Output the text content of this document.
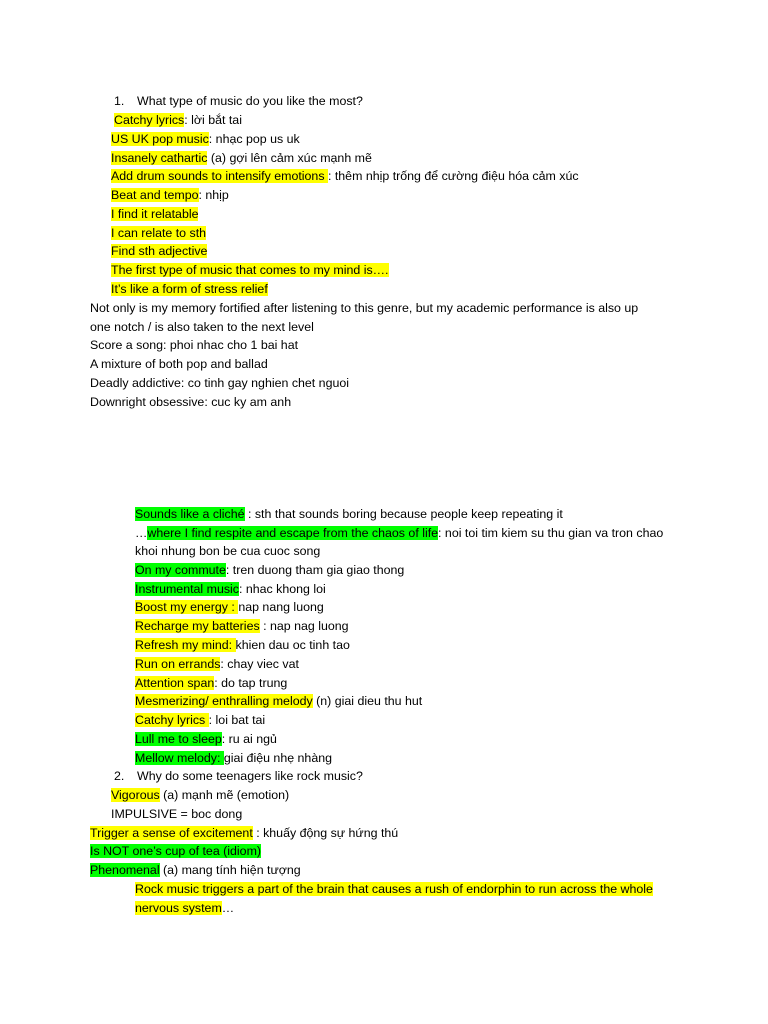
1. What type of music do you like the most?
Catchy lyrics: lời bắt tai
US UK pop music: nhạc pop us uk
Insanely cathartic (a) gợi lên cảm xúc mạnh mẽ
Add drum sounds to intensify emotions : thêm nhịp trống để cường điệu hóa cảm xúc
Beat and tempo: nhịp
I find it relatable
I can relate to sth
Find sth adjective
The first type of music that comes to my mind is….
It’s like a form of stress relief
Not only is my memory fortified after listening to this genre, but my academic performance is also up
one notch / is also taken to the next level
Score a song: phoi nhac cho 1 bai hat
A mixture of both pop and ballad
Deadly addictive: co tinh gay nghien chet nguoi
Downright obsessive: cuc ky am anh
Sounds like a cliché : sth that sounds boring because people keep repeating it
…where I find respite and escape from the chaos of life: noi toi tim kiem su thu gian va tron chao
khoi nhung bon be cua cuoc song
On my commute: tren duong tham gia giao thong
Instrumental music: nhac khong loi
Boost my energy : nap nang luong
Recharge my batteries : nap nag luong
Refresh my mind: khien dau oc tinh tao
Run on errands: chay viec vat
Attention span: do tap trung
Mesmerizing/ enthralling melody (n) giai dieu thu hut
Catchy lyrics : loi bat tai
Lull me to sleep: ru ai ngủ
Mellow melody: giai điệu nhẹ nhàng
2. Why do some teenagers like rock music?
Vigorous (a) mạnh mẽ (emotion)
IMPULSIVE = boc dong
Trigger a sense of excitement : khuấy động sự hứng thú
Is NOT one’s cup of tea (idiom)
Phenomenal (a) mang tính hiện tượng
Rock music triggers a part of the brain that causes a rush of endorphin to run across the whole
nervous system…
